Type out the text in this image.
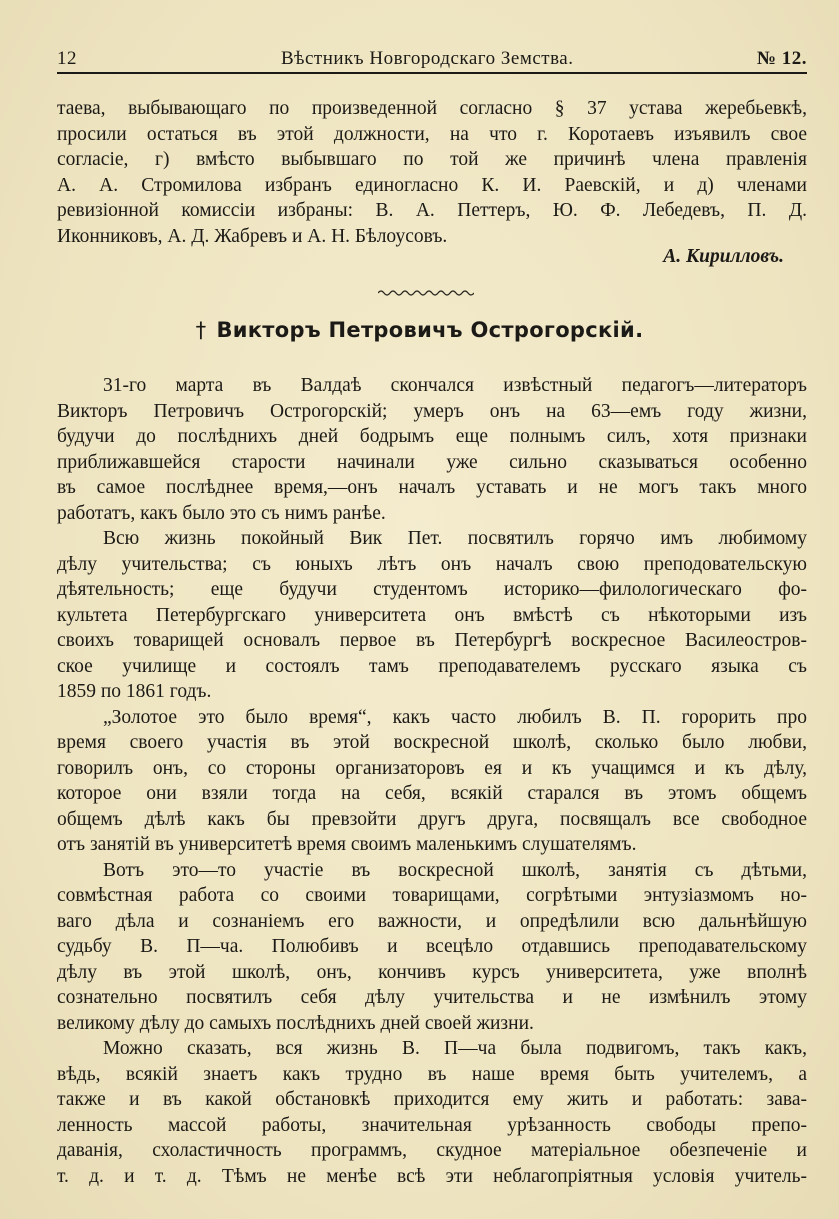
12	Вѣстникъ Новгородскаго Земства.	№ 12.
таева, выбывающаго по произведенной согласно § 37 устава жеребьевкѣ,
просили остаться въ этой должности, на что г. Коротаевъ изъявилъ свое
согласіе, г) вмѣсто выбывшаго по той же причинѣ члена правленія
А. А. Стромилова избранъ единогласно К. И. Раевскій, и д) членами
ревизіонной комиссіи избраны: В. А. Петтеръ, Ю. Ф. Лебедевъ, П. Д.
Иконниковъ, А. Д. Жабревъ и А. Н. Бѣлоусовъ.
А. Кирилловъ.
† Викторъ Петровичъ Острогорскій.
31-го марта въ Валдаѣ скончался извѣстный педагогъ—литераторъ
Викторъ Петровичъ Острогорскій; умеръ онъ на 63—емъ году жизни,
будучи до послѣднихъ дней бодрымъ еще полнымъ силъ, хотя признаки
приближавшейся старости начинали уже сильно сказываться особенно
въ самое послѣднее время,—онъ началъ уставать и не могъ такъ много
работатъ, какъ было это съ нимъ ранѣе.
Всю жизнь покойный Вик Пет. посвятилъ горячо имъ любимому
дѣлу учительства; съ юныхъ лѣтъ онъ началъ свою преподовательскую
дѣятельность; еще будучи студентомъ историко—филологическаго фо-
культета Петербургскаго университета онъ вмѣстѣ съ нѣкоторыми изъ
своихъ товарищей основалъ первое въ Петербургѣ воскресное Василеостров-
ское училище и состоялъ тамъ преподавателемъ русскаго языка съ
1859 по 1861 годъ.
„Золотое это было время“, какъ часто любилъ В. П. горорить про
время своего участія въ этой воскресной школѣ, сколько было любви,
говорилъ онъ, со стороны организаторовъ ея и къ учащимся и къ дѣлу,
которое они взяли тогда на себя, всякій старался въ этомъ общемъ
общемъ дѣлѣ какъ бы превзойти другъ друга, посвящалъ все свободное
отъ занятій въ университетѣ время своимъ маленькимъ слушателямъ.
Вотъ это—то участіе въ воскресной школѣ, занятія съ дѣтьми,
совмѣстная работа со своими товарищами, согрѣтыми энтузіазмомъ но-
ваго дѣла и сознаніемъ его важности, и опредѣлили всю дальнѣйшую
судьбу В. П—ча. Полюбивъ и всецѣло отдавшись преподавательскому
дѣлу въ этой школѣ, онъ, кончивъ курсъ университета, уже вполнѣ
сознательно посвятилъ себя дѣлу учительства и не измѣнилъ этому
великому дѣлу до самыхъ послѣднихъ дней своей жизни.
Можно сказать, вся жизнь В. П—ча была подвигомъ, такъ какъ,
вѣдь, всякій знаетъ какъ трудно въ наше время быть учителемъ, а
также и въ какой обстановкѣ приходится ему жить и работать: зава-
ленность массой работы, значительная урѣзанность свободы препо-
даванія, схоластичность программъ, скудное матеріальное обезпеченіе и
т. д. и т. д. Тѣмъ не менѣе всѣ эти неблагопріятныя условія учитель-
